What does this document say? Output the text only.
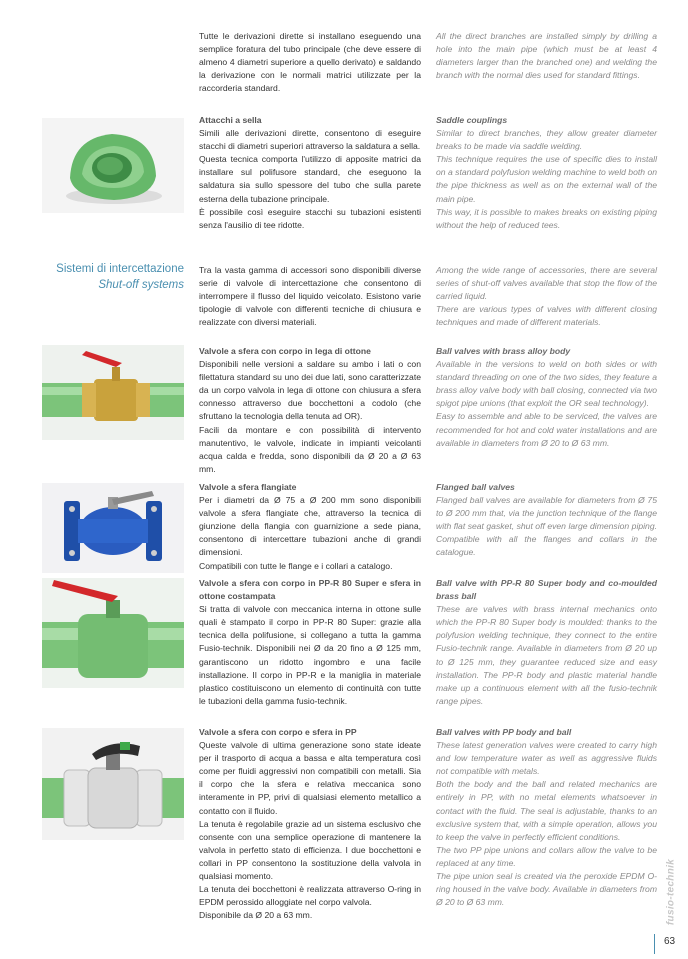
Tutte le derivazioni dirette si installano eseguendo una semplice foratura del tubo principale (che deve essere di almeno 4 diametri superiore a quello derivato) e saldando la derivazione con le normali matrici utilizzate per la raccorderia standard.

All the direct branches are installed simply by drilling a hole into the main pipe (which must be at least 4 diameters larger than the branched one) and welding the branch with the normal dies used for standard fittings.

Attacchi a sella

Simili alle derivazioni dirette, consentono di eseguire stacchi di diametri superiori attraverso la saldatura a sella.

Questa tecnica comporta l'utilizzo di apposite matrici da installare sul polifusore standard, che eseguono la saldatura sia sullo spessore del tubo che sulla parete esterna della tubazione principale.

È possibile così eseguire stacchi su tubazioni esistenti senza l'ausilio di tee ridotte.

Saddle couplings

Similar to direct branches, they allow greater diameter breaks to be made via saddle welding.

This technique requires the use of specific dies to install on a standard polyfusion welding machine to weld both on the pipe thickness as well as on the external wall of the main pipe.

This way, it is possible to makes breaks on existing piping without the help of reduced tees.

Sistemi di intercettazione
Shut-off systems

Tra la vasta gamma di accessori sono disponibili diverse serie di valvole di intercettazione che consentono di interrompere il flusso del liquido veicolato. Esistono varie tipologie di valvole con differenti tecniche di chiusura e realizzate con diversi materiali.

Among the wide range of accessories, there are several series of shut-off valves available that stop the flow of the carried liquid.

There are various types of valves with different closing techniques and made of different materials.

Valvole a sfera con corpo in lega di ottone

Disponibili nelle versioni a saldare su ambo i lati o con filettatura standard su uno dei due lati, sono caratterizzate da un corpo valvola in lega di ottone con chiusura a sfera connesso attraverso due bocchettoni a codolo (che sfruttano la tecnologia della tenuta ad OR).

Facili da montare e con possibilità di intervento manutentivo, le valvole, indicate in impianti veicolanti acqua calda e fredda, sono disponibili da Ø 20 a Ø 63 mm.

Ball valves with brass alloy body

Available in the versions to weld on both sides or with standard threading on one of the two sides, they feature a brass alloy valve body with ball closing, connected via two spigot pipe unions (that exploit the OR seal technology).

Easy to assemble and able to be serviced, the valves are recommended for hot and cold water installations and are available in diameters from Ø 20 to Ø 63 mm.

Valvole a sfera flangiate

Per i diametri da Ø 75 a Ø 200 mm sono disponibili valvole a sfera flangiate che, attraverso la tecnica di giunzione della flangia con guarnizione a sede piana, consentono di intercettare tubazioni anche di grandi dimensioni.

Compatibili con tutte le flange e i collari a catalogo.

Flanged ball valves

Flanged ball valves are available for diameters from Ø 75 to Ø 200 mm that, via the junction technique of the flange with flat seat gasket, shut off even large dimension piping. Compatible with all the flanges and collars in the catalogue.

Valvole a sfera con corpo in PP-R 80 Super e sfera in ottone costampata

Si tratta di valvole con meccanica interna in ottone sulle quali è stampato il corpo in PP-R 80 Super: grazie alla tecnica della polifusione, si collegano a tutta la gamma Fusio-technik. Disponibili nei Ø da 20 fino a Ø 125 mm, garantiscono un ridotto ingombro e una facile installazione. Il corpo in PP-R e la maniglia in materiale plastico costituiscono un elemento di continuità con tutte le tubazioni della gamma fusio-technik.

Ball valve with PP-R 80 Super body and co-moulded brass ball

These are valves with brass internal mechanics onto which the PP-R 80 Super body is moulded: thanks to the polyfusion welding technique, they connect to the entire Fusio-technik range. Available in diameters from Ø 20 up to Ø 125 mm, they guarantee reduced size and easy installation. The PP-R body and plastic material handle make up a continuous element with all the fusio-technik range pipes.

Valvole a sfera con corpo e sfera in PP

Queste valvole di ultima generazione sono state ideate per il trasporto di acqua a bassa e alta temperatura così come per fluidi aggressivi non compatibili con metalli. Sia il corpo che la sfera e relativa meccanica sono interamente in PP, privi di qualsiasi elemento metallico a contatto con il fluido.

La tenuta è regolabile grazie ad un sistema esclusivo che consente con una semplice operazione di mantenere la valvola in perfetto stato di efficienza. I due bocchettoni e collari in PP consentono la sostituzione della valvola in qualsiasi momento.

La tenuta dei bocchettoni è realizzata attraverso O-ring in EPDM perossido alloggiate nel corpo valvola.

Disponibile da Ø 20 a 63 mm.

Ball valves with PP body and ball

These latest generation valves were created to carry high and low temperature water as well as aggressive fluids not compatible with metals.

Both the body and the ball and related mechanics are entirely in PP, with no metal elements whatsoever in contact with the fluid. The seal is adjustable, thanks to an exclusive system that, with a simple operation, allows you to keep the valve in perfectly efficient conditions.

The two PP pipe unions and collars allow the valve to be replaced at any time.

The pipe union seal is created via the peroxide EPDM O-ring housed in the valve body. Available in diameters from Ø 20 to Ø 63 mm.	fusio-technik
63
